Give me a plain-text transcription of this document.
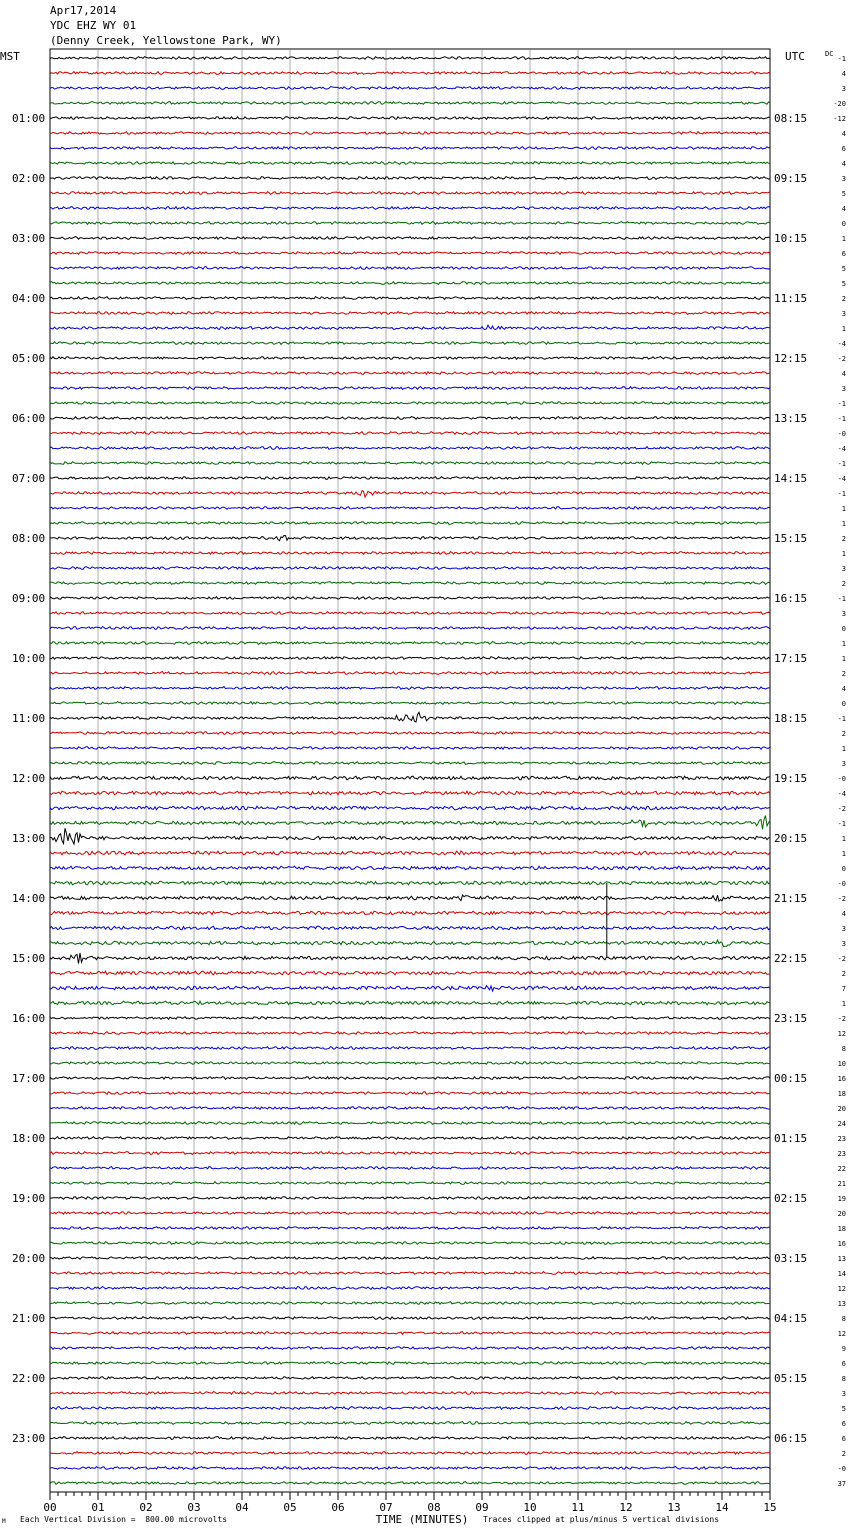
Apr17,2014
YDC EHZ WY 01
(Denny Creek, Yellowstone Park, WY)
-1
4
3
-20
-12
4
6
4
3
5
4
0
1
6
5
5
2
3
1
-4
-2
4
3
-1
-1
-0
-4
-1
-4
-1
1
1
2
1
3
2
-1
3
0
1
1
2
4
0
-1
2
1
3
-0
-4
-2
-1
1
1
0
-0
-2
4
3
3
-2
2
7
1
-2
12
8
10
16
18
20
24
23
23
22
21
19
20
18
16
13
14
12
13
8
12
9
6
8
3
5
6
6
2
-0
37
MST	UTC	DC
01:00
02:00
03:00
04:00
05:00
06:00
07:00
08:00
09:00
10:00
11:00
12:00
13:00
14:00
15:00
16:00
17:00
18:00
19:00
20:00
21:00
22:00
23:00
08:15
09:15
10:15
11:15
12:15
13:15
14:15
15:15
16:15
17:15
18:15
19:15
20:15
21:15
22:15
23:15
00:15
01:15
02:15
03:15
04:15
05:15
06:15
00	01	02	03	04	05	06	07	08	09	10	11	12	13	14	15
TIME (MINUTES)
M Each Vertical Division =  800.00 microvolts	Traces clipped at plus/minus 5 vertical divisions
